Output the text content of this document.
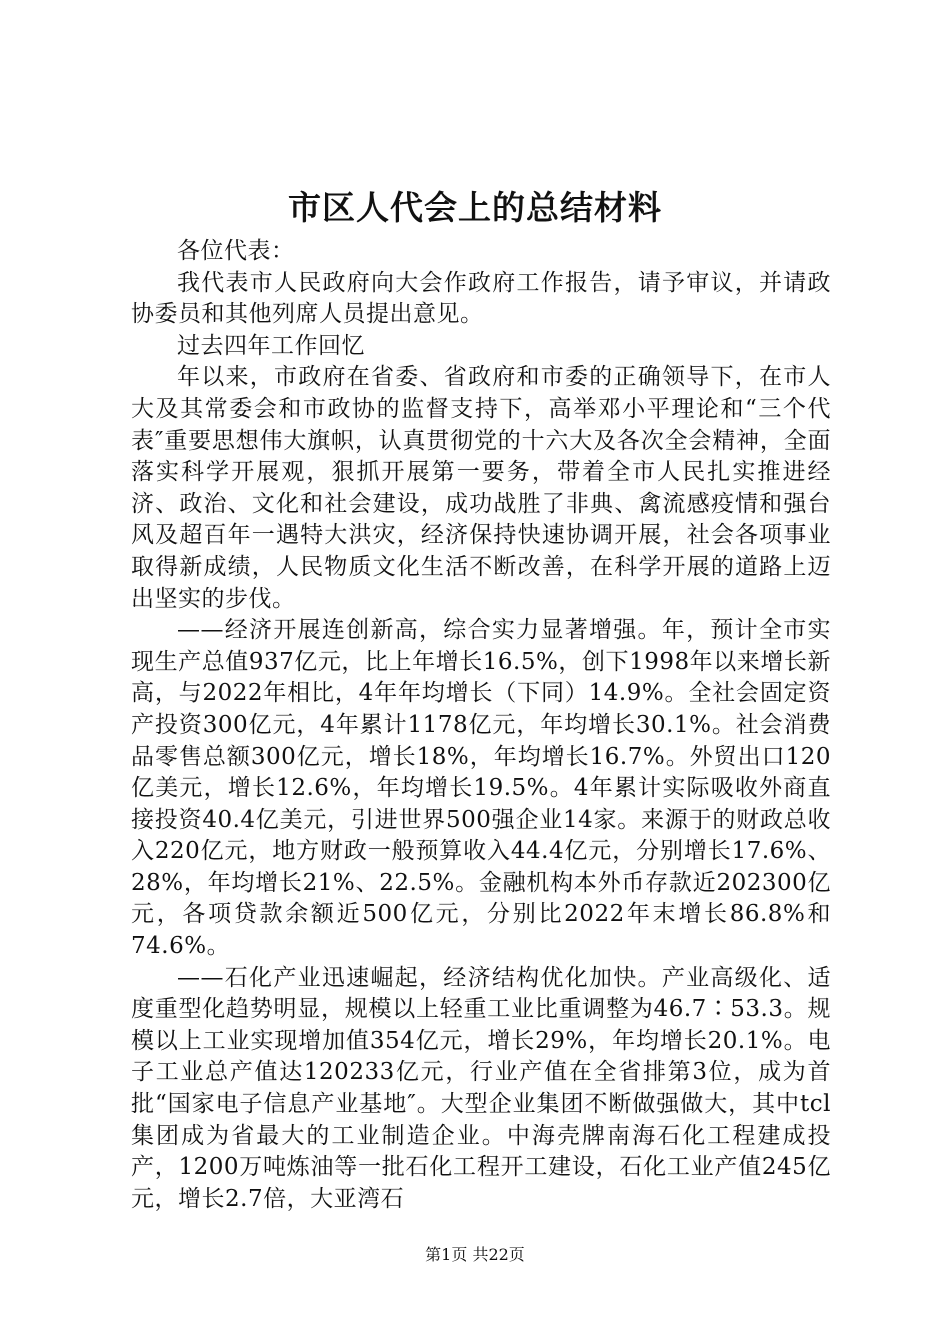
市区人代会上的总结材料

各位代表：

我代表市人民政府向大会作政府工作报告，请予审议，并请政协委员和其他列席人员提出意见。

过去四年工作回忆

年以来，市政府在省委、省政府和市委的正确领导下，在市人大及其常委会和市政协的监督支持下，高举邓小平理论和“三个代表″重要思想伟大旗帜，认真贯彻党的十六大及各次全会精神，全面落实科学开展观，狠抓开展第一要务，带着全市人民扎实推进经济、政治、文化和社会建设，成功战胜了非典、禽流感疫情和强台风及超百年一遇特大洪灾，经济保持快速协调开展，社会各项事业取得新成绩，人民物质文化生活不断改善，在科学开展的道路上迈出坚实的步伐。

——经济开展连创新高，综合实力显著增强。年，预计全市实现生产总值937亿元，比上年增长16.5%，创下1998年以来增长新高，与2022年相比，4年年均增长（下同）14.9%。全社会固定资产投资300亿元，4年累计1178亿元，年均增长30.1%。社会消费品零售总额300亿元，增长18%，年均增长16.7%。外贸出口120亿美元，增长12.6%，年均增长19.5%。4年累计实际吸收外商直接投资40.4亿美元，引进世界500强企业14家。来源于的财政总收入220亿元，地方财政一般预算收入44.4亿元，分别增长17.6%、28%，年均增长21%、22.5%。金融机构本外币存款近202300亿元，各项贷款余额近500亿元，分别比2022年末增长86.8%和74.6%。

——石化产业迅速崛起，经济结构优化加快。产业高级化、适度重型化趋势明显，规模以上轻重工业比重调整为46.7∶53.3。规模以上工业实现增加值354亿元，增长29%，年均增长20.1%。电子工业总产值达120233亿元，行业产值在全省排第3位，成为首批“国家电子信息产业基地″。大型企业集团不断做强做大，其中tcl集团成为省最大的工业制造企业。中海壳牌南海石化工程建成投产，1200万吨炼油等一批石化工程开工建设，石化工业产值245亿元，增长2.7倍，大亚湾石

第1页 共22页
